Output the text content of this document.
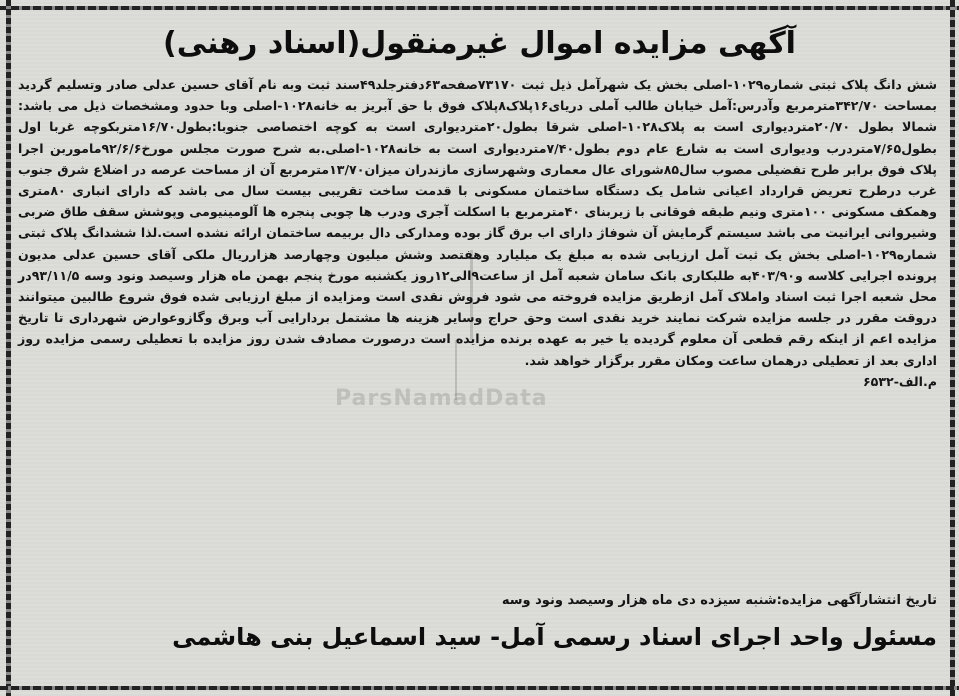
آگهی مزایده اموال غیرمنقول(اسناد رهنی)

شش دانگ پلاک ثبتی شماره۱۰۲۹-اصلی بخش یک شهرآمل ذیل ثبت ۷۳۱۷۰صفحه۶۳دفترجلد۴۹سند ثبت وبه نام آقای حسین عدلی صادر وتسلیم گردید بمساحت ۳۴۲/۷۰مترمربع وآدرس:آمل خیابان طالب آملی دریای۱۶پلاک۸پلاک فوق با حق آبریز به خانه۱۰۲۸-اصلی وبا حدود ومشخصات ذیل می باشد: شمالا بطول ۲۰/۷۰متردیواری است به پلاک۱۰۲۸-اصلی شرقا بطول۲۰متردیواری است به کوچه اختصاصی جنوبا:بطول۱۶/۷۰متربکوچه غربا اول بطول۷/۶۵متردرب ودیواری است به شارع عام دوم بطول۷/۴۰متردیواری است به خانه۱۰۲۸-اصلی.به شرح صورت مجلس مورخ۹۲/۶/۶ماموربن اجرا پلاک فوق برابر طرح تفضیلی مصوب سال۸۵شورای عال معماری وشهرسازی مازندران میزان۱۳/۷۰مترمربع آن از مساحت عرصه در اضلاع شرق جنوب غرب درطرح تعریض قرارداد اعیانی شامل یک دستگاه ساختمان مسکونی با قدمت ساخت تقریبی بیست سال می باشد که دارای انباری ۸۰متری وهمکف مسکونی ۱۰۰متری ونیم طبقه فوقانی با زیربنای ۴۰مترمربع با اسکلت آجری ودرب ها چوبی پنجره ها آلومینیومی وپوشش سقف طاق ضربی وشیروانی ایرانیت می باشد سیستم گرمایش آن شوفاژ دارای اب برق گاز بوده ومدارکی دال بربیمه ساختمان ارائه نشده است.لذا ششدانگ پلاک ثبتی شماره۱۰۲۹-اصلی بخش یک ثبت آمل ارزیابی شده به مبلغ یک میلیارد وهفتصد وشش میلیون وچهارصد هزارریال ملکی آقای حسین عدلی مدیون پرونده اجرایی کلاسه و۴۰۳/۹۰به طلبکاری بانک سامان شعبه آمل از ساعت۹الی۱۲روز یکشنبه مورخ پنجم بهمن ماه هزار وسیصد ونود وسه ۹۳/۱۱/۵در محل شعبه اجرا ثبت اسناد واملاک آمل ازطریق مزایده فروخته می شود فروش نقدی است ومزایده از مبلغ ارزیابی شده فوق شروع طالبین میتوانند دروقت مقرر در جلسه مزایده شرکت نمایند خرید نقدی است وحق حراج وسایر هزینه ها مشتمل بردارایی آب وبرق وگازوعوارض شهرداری تا تاریخ مزایده اعم از اینکه رقم قطعی آن معلوم گردیده یا خیر به عهده برنده مزایده است درصورت مصادف شدن روز مزایده با تعطیلی رسمی مزایده روز اداری بعد از تعطیلی درهمان ساعت ومکان مقرر برگزار خواهد شد.

م.الف-۶۵۳۲
ParsNamadData
تاریخ انتشارآگهی مزایده:شنبه سیزده دی ماه هزار وسیصد ونود وسه
مسئول واحد اجرای اسناد رسمی آمل- سید اسماعیل بنی هاشمی
